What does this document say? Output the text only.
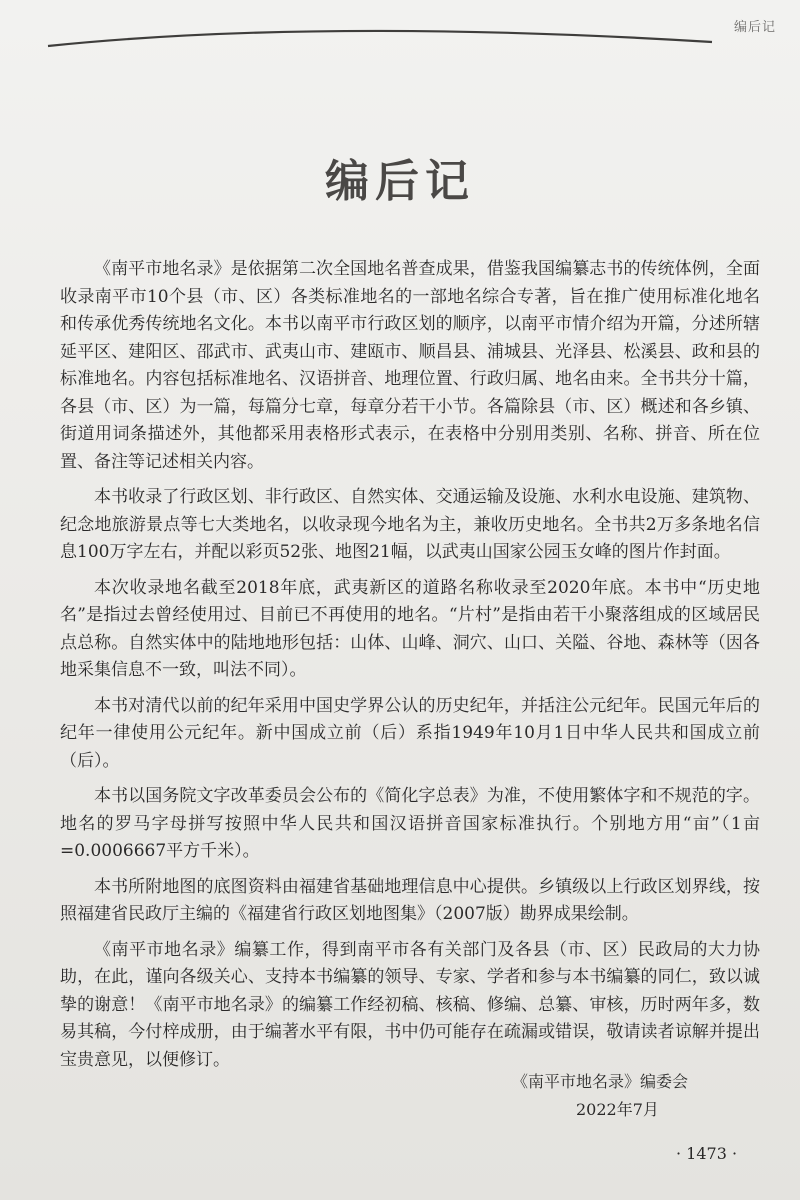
编后记
编后记

《南平市地名录》是依据第二次全国地名普查成果，借鉴我国编纂志书的传统体例，全面收录南平市10个县（市、区）各类标准地名的一部地名综合专著，旨在推广使用标准化地名和传承优秀传统地名文化。本书以南平市行政区划的顺序，以南平市情介绍为开篇，分述所辖延平区、建阳区、邵武市、武夷山市、建瓯市、顺昌县、浦城县、光泽县、松溪县、政和县的标准地名。内容包括标准地名、汉语拼音、地理位置、行政归属、地名由来。全书共分十篇，各县（市、区）为一篇，每篇分七章，每章分若干小节。各篇除县（市、区）概述和各乡镇、街道用词条描述外，其他都采用表格形式表示，在表格中分别用类别、名称、拼音、所在位置、备注等记述相关内容。

本书收录了行政区划、非行政区、自然实体、交通运输及设施、水利水电设施、建筑物、纪念地旅游景点等七大类地名，以收录现今地名为主，兼收历史地名。全书共2万多条地名信息100万字左右，并配以彩页52张、地图21幅，以武夷山国家公园玉女峰的图片作封面。

本次收录地名截至2018年底，武夷新区的道路名称收录至2020年底。本书中“历史地名”是指过去曾经使用过、目前已不再使用的地名。“片村”是指由若干小聚落组成的区域居民点总称。自然实体中的陆地地形包括：山体、山峰、洞穴、山口、关隘、谷地、森林等（因各地采集信息不一致，叫法不同）。

本书对清代以前的纪年采用中国史学界公认的历史纪年，并括注公元纪年。民国元年后的纪年一律使用公元纪年。新中国成立前（后）系指1949年10月1日中华人民共和国成立前（后）。

本书以国务院文字改革委员会公布的《简化字总表》为准，不使用繁体字和不规范的字。地名的罗马字母拼写按照中华人民共和国汉语拼音国家标准执行。个别地方用“亩”（1亩=0.0006667平方千米）。

本书所附地图的底图资料由福建省基础地理信息中心提供。乡镇级以上行政区划界线，按照福建省民政厅主编的《福建省行政区划地图集》（2007版）勘界成果绘制。

《南平市地名录》编纂工作，得到南平市各有关部门及各县（市、区）民政局的大力协助，在此，谨向各级关心、支持本书编纂的领导、专家、学者和参与本书编纂的同仁，致以诚挚的谢意！《南平市地名录》的编纂工作经初稿、核稿、修编、总纂、审核，历时两年多，数易其稿，今付梓成册，由于编著水平有限，书中仍可能存在疏漏或错误，敬请读者谅解并提出宝贵意见，以便修订。

《南平市地名录》编委会
2022年7月
· 1473 ·
